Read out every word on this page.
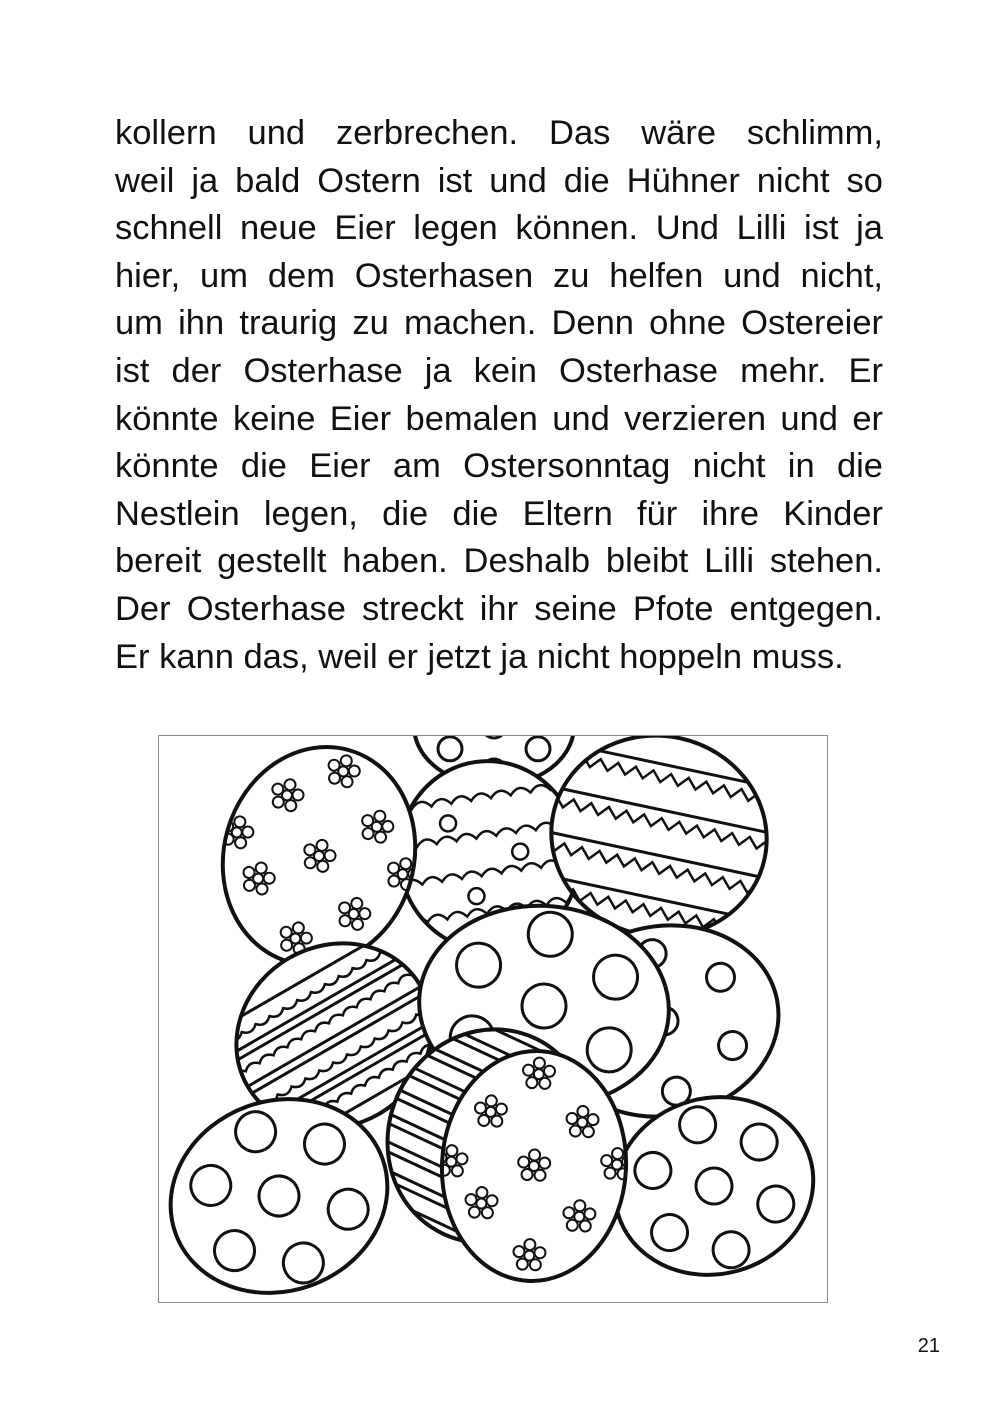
kollern und zerbrechen. Das wäre schlimm,
weil ja bald Ostern ist und die Hühner nicht so
schnell neue Eier legen können. Und Lilli ist ja
hier, um dem Osterhasen zu helfen und nicht,
um ihn traurig zu machen. Denn ohne Ostereier
ist der Osterhase ja kein Osterhase mehr. Er
könnte keine Eier bemalen und verzieren und er
könnte die Eier am Ostersonntag nicht in die
Nestlein legen, die die Eltern für ihre Kinder
bereit gestellt haben. Deshalb bleibt Lilli stehen.
Der Osterhase streckt ihr seine Pfote entgegen.
Er kann das, weil er jetzt ja nicht hoppeln muss.
21
